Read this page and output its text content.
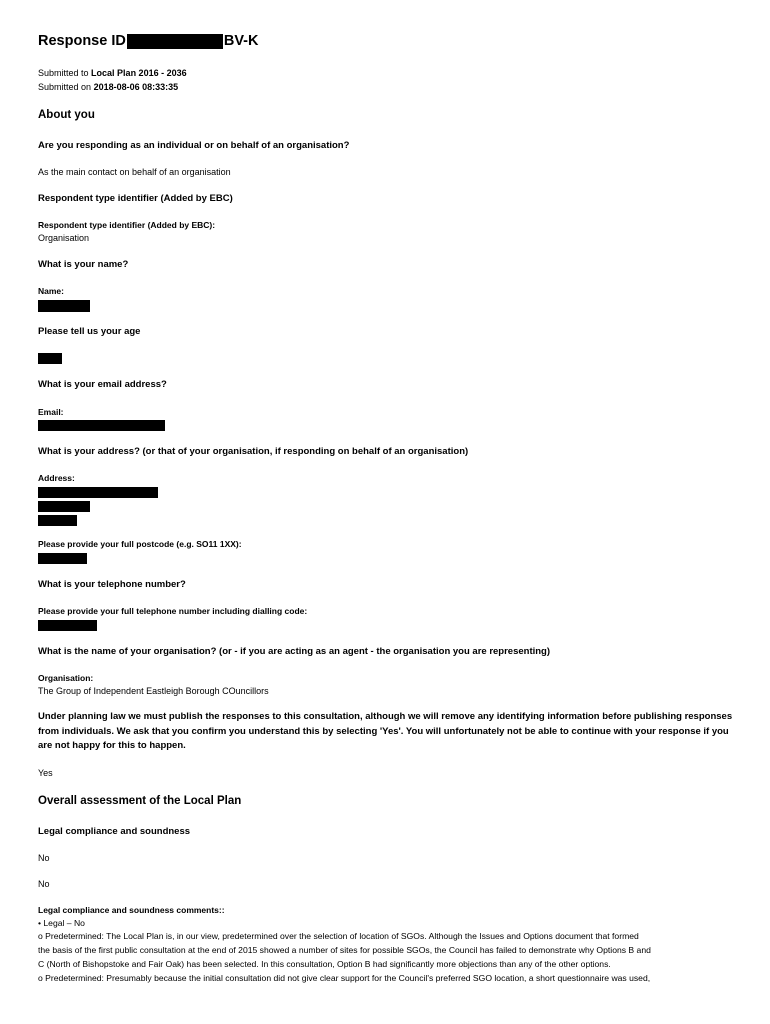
Response ID	BV-K
Submitted to Local Plan 2016 - 2036
Submitted on 2018-08-06 08:33:35
About you
Are you responding as an individual or on behalf of an organisation?
As the main contact on behalf of an organisation
Respondent type identifier (Added by EBC)
Respondent type identifier (Added by EBC):
Organisation
What is your name?
Name:
Please tell us your age
What is your email address?
Email:
What is your address? (or that of your organisation, if responding on behalf of an organisation)
Address:
Please provide your full postcode (e.g. SO11 1XX):
What is your telephone number?
Please provide your full telephone number including dialling code:
What is the name of your organisation? (or - if you are acting as an agent - the organisation you are representing)
Organisation:
The Group of Independent Eastleigh Borough COuncillors
Under planning law we must publish the responses to this consultation, although we will remove any identifying information before publishing responses from individuals. We ask that you confirm you understand this by selecting 'Yes'. You will unfortunately not be able to continue with your response if you are not happy for this to happen.
Yes
Overall assessment of the Local Plan
Legal compliance and soundness
No
No
Legal compliance and soundness comments::
• Legal – No
o Predetermined: The Local Plan is, in our view, predetermined over the selection of location of SGOs. Although the Issues and Options document that formed
the basis of the first public consultation at the end of 2015 showed a number of sites for possible SGOs, the Council has failed to demonstrate why Options B and
C (North of Bishopstoke and Fair Oak) has been selected. In this consultation, Option B had significantly more objections than any of the other options.
o Predetermined: Presumably because the initial consultation did not give clear support for the Council's preferred SGO location, a short questionnaire was used,
